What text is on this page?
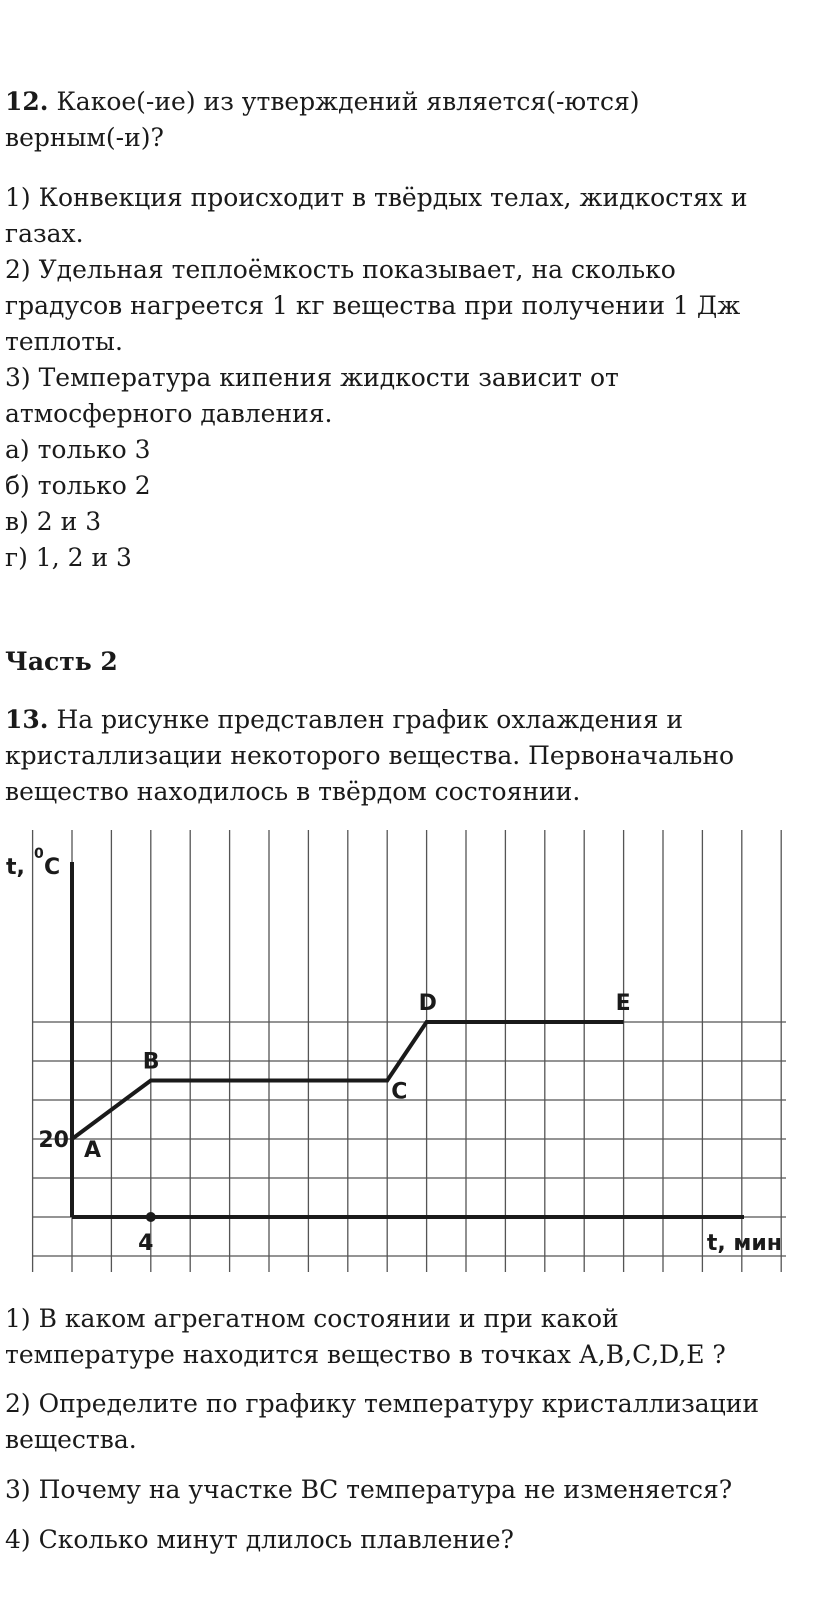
12. Какое(-ие) из утверждений является(-ются)
верным(-и)?
1) Конвекция происходит в твёрдых телах, жидкостях и
газах.
2) Удельная теплоёмкость показывает, на сколько
градусов нагреется 1 кг вещества при получении 1 Дж
теплоты.
3) Температура кипения жидкости зависит от
атмосферного давления.
а) только 3
б) только 2
в) 2 и 3
г) 1, 2 и 3
Часть 2
13. На рисунке представлен график охлаждения и
кристаллизации некоторого вещества. Первоначально
вещество находилось в твёрдом состоянии.
1) В каком агрегатном состоянии и при какой
температуре находится вещество в точках А,В,С,D,Е ?
2) Определите по графику температуру кристаллизации
вещества.
3) Почему на участке ВС температура не изменяется?
4) Сколько минут длилось плавление?
A
B
C
D	E
t,
0
C
t, мин
4
20
